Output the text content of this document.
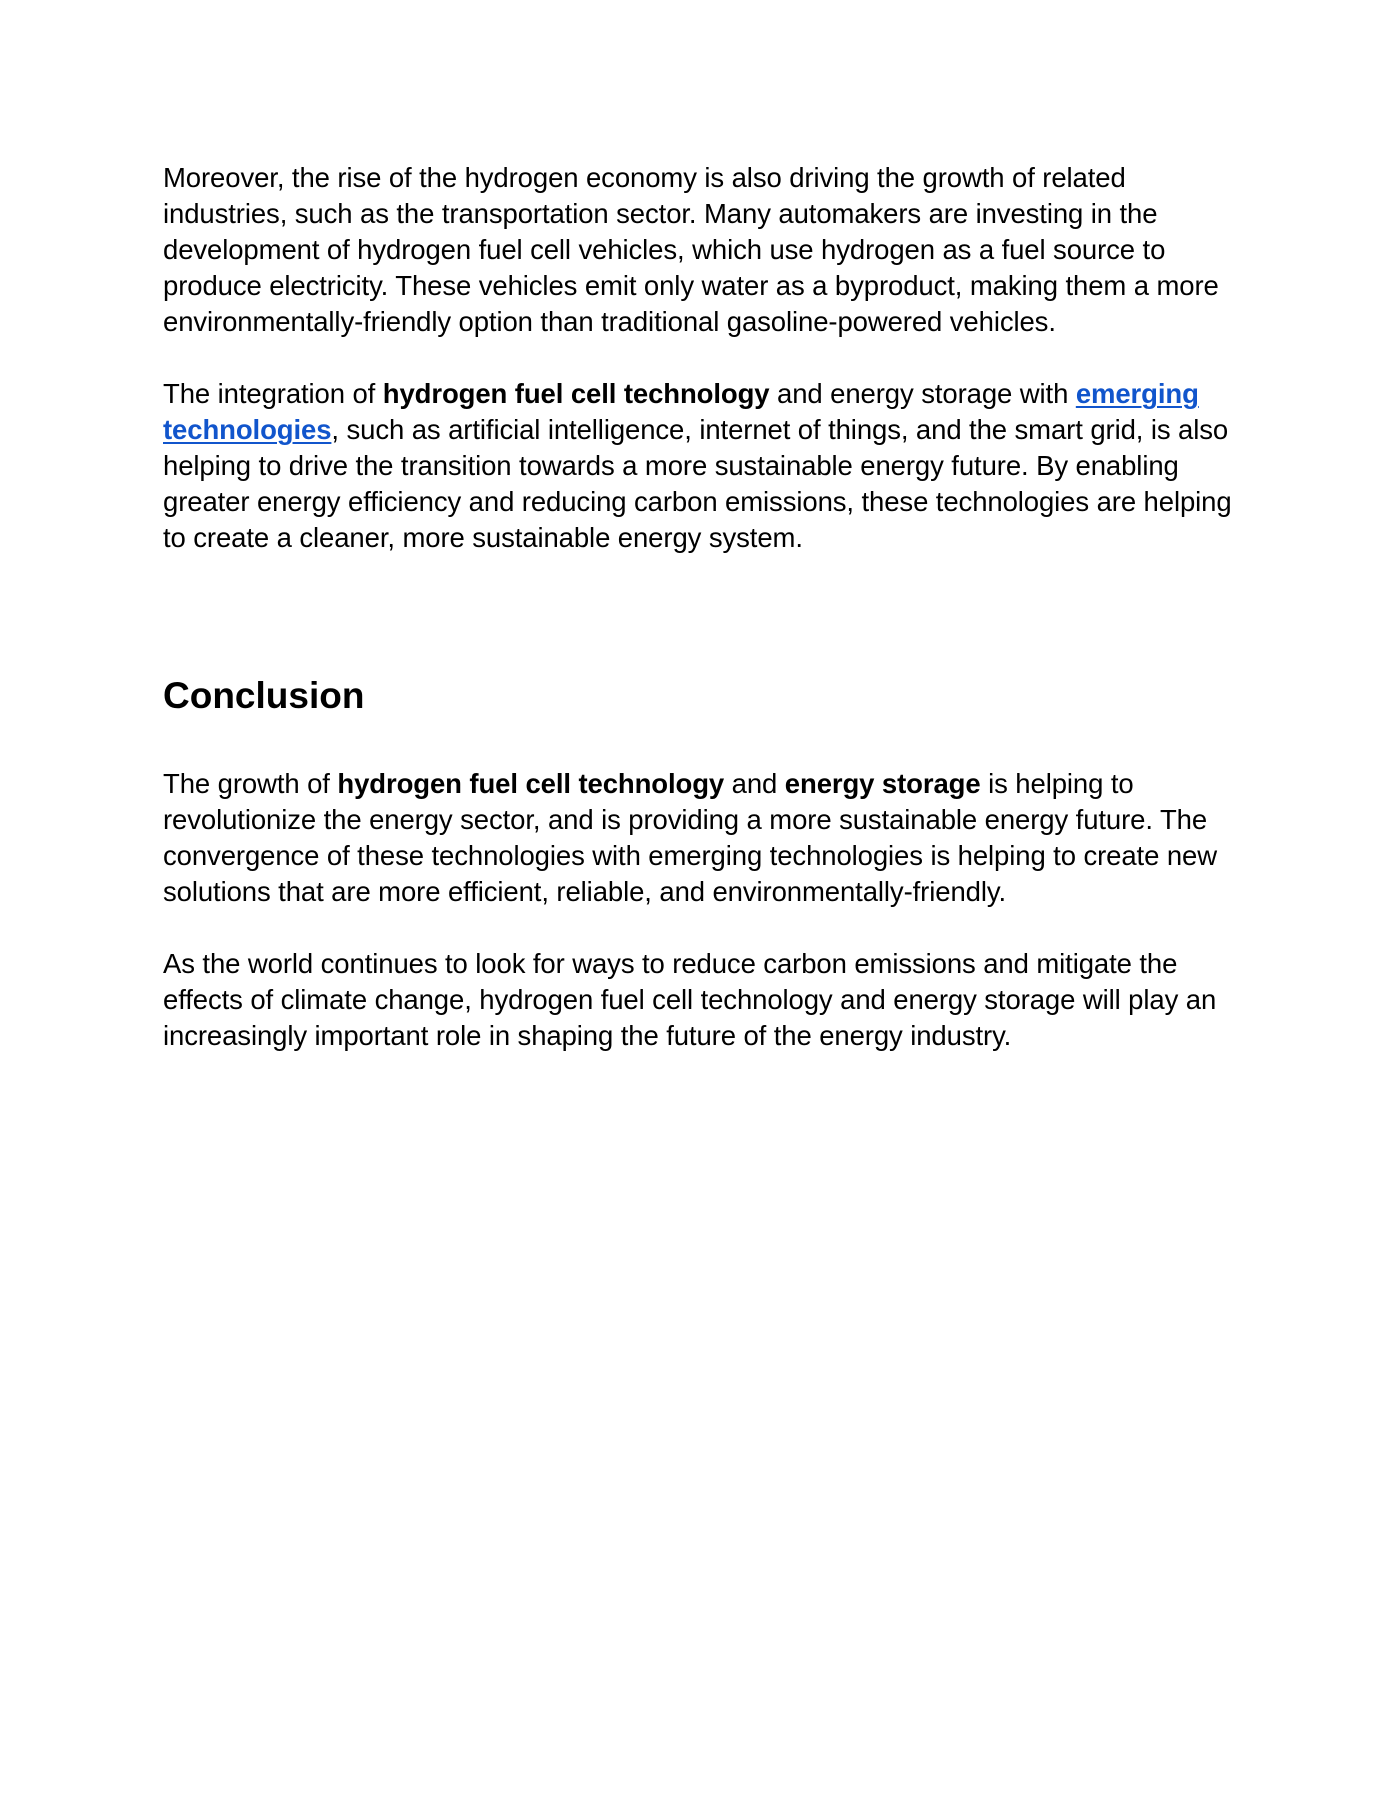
Moreover, the rise of the hydrogen economy is also driving the growth of related industries, such as the transportation sector. Many automakers are investing in the development of hydrogen fuel cell vehicles, which use hydrogen as a fuel source to produce electricity. These vehicles emit only water as a byproduct, making them a more environmentally-friendly option than traditional gasoline-powered vehicles.

The integration of hydrogen fuel cell technology and energy storage with emerging technologies, such as artificial intelligence, internet of things, and the smart grid, is also helping to drive the transition towards a more sustainable energy future. By enabling greater energy efficiency and reducing carbon emissions, these technologies are helping to create a cleaner, more sustainable energy system.

Conclusion

The growth of hydrogen fuel cell technology and energy storage is helping to revolutionize the energy sector, and is providing a more sustainable energy future. The convergence of these technologies with emerging technologies is helping to create new solutions that are more efficient, reliable, and environmentally-friendly.

As the world continues to look for ways to reduce carbon emissions and mitigate the effects of climate change, hydrogen fuel cell technology and energy storage will play an increasingly important role in shaping the future of the energy industry.
